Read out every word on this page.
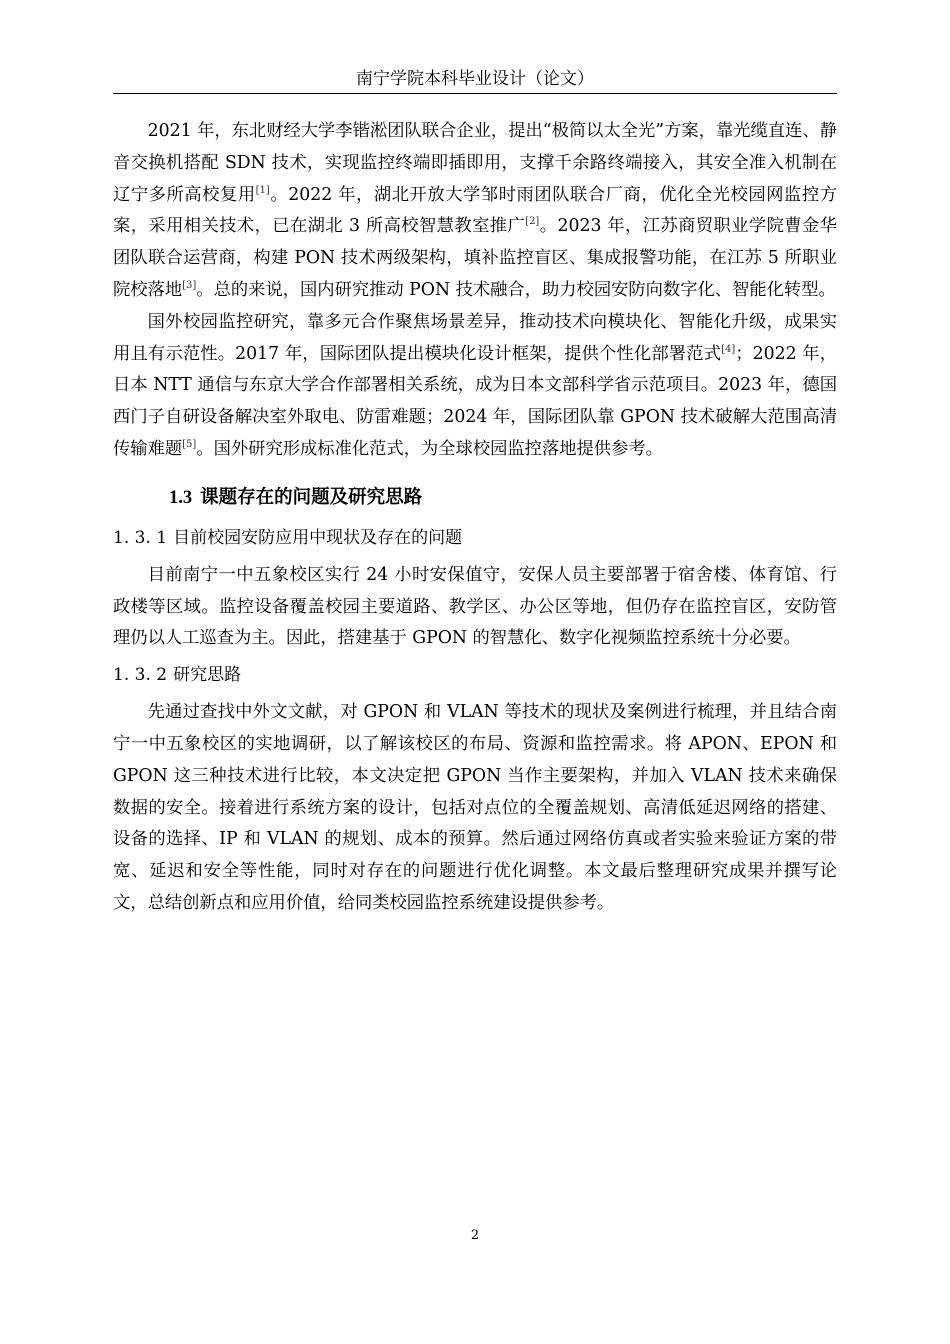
南宁学院本科毕业设计（论文）

2021 年，东北财经大学李锴淞团队联合企业，提出“极简以太全光”方案，靠光缆直连、静音交换机搭配 SDN 技术，实现监控终端即插即用，支撑千余路终端接入，其安全准入机制在辽宁多所高校复用[1]。2022 年，湖北开放大学邹时雨团队联合厂商，优化全光校园网监控方案，采用相关技术，已在湖北 3 所高校智慧教室推广[2]。2023 年，江苏商贸职业学院曹金华团队联合运营商，构建 PON 技术两级架构，填补监控盲区、集成报警功能，在江苏 5 所职业院校落地[3]。总的来说，国内研究推动 PON 技术融合，助力校园安防向数字化、智能化转型。

国外校园监控研究，靠多元合作聚焦场景差异，推动技术向模块化、智能化升级，成果实用且有示范性。2017 年，国际团队提出模块化设计框架，提供个性化部署范式[4]；2022 年，日本 NTT 通信与东京大学合作部署相关系统，成为日本文部科学省示范项目。2023 年，德国西门子自研设备解决室外取电、防雷难题；2024 年，国际团队靠 GPON 技术破解大范围高清传输难题[5]。国外研究形成标准化范式，为全球校园监控落地提供参考。

1.3 课题存在的问题及研究思路
1. 3. 1 目前校园安防应用中现状及存在的问题

目前南宁一中五象校区实行 24 小时安保值守，安保人员主要部署于宿舍楼、体育馆、行政楼等区域。监控设备覆盖校园主要道路、教学区、办公区等地，但仍存在监控盲区，安防管理仍以人工巡查为主。因此，搭建基于 GPON 的智慧化、数字化视频监控系统十分必要。

1. 3. 2 研究思路

先通过查找中外文文献，对 GPON 和 VLAN 等技术的现状及案例进行梳理，并且结合南宁一中五象校区的实地调研，以了解该校区的布局、资源和监控需求。将 APON、EPON 和 GPON 这三种技术进行比较，本文决定把 GPON 当作主要架构，并加入 VLAN 技术来确保数据的安全。接着进行系统方案的设计，包括对点位的全覆盖规划、高清低延迟网络的搭建、设备的选择、IP 和 VLAN 的规划、成本的预算。然后通过网络仿真或者实验来验证方案的带宽、延迟和安全等性能，同时对存在的问题进行优化调整。本文最后整理研究成果并撰写论文，总结创新点和应用价值，给同类校园监控系统建设提供参考。

2
